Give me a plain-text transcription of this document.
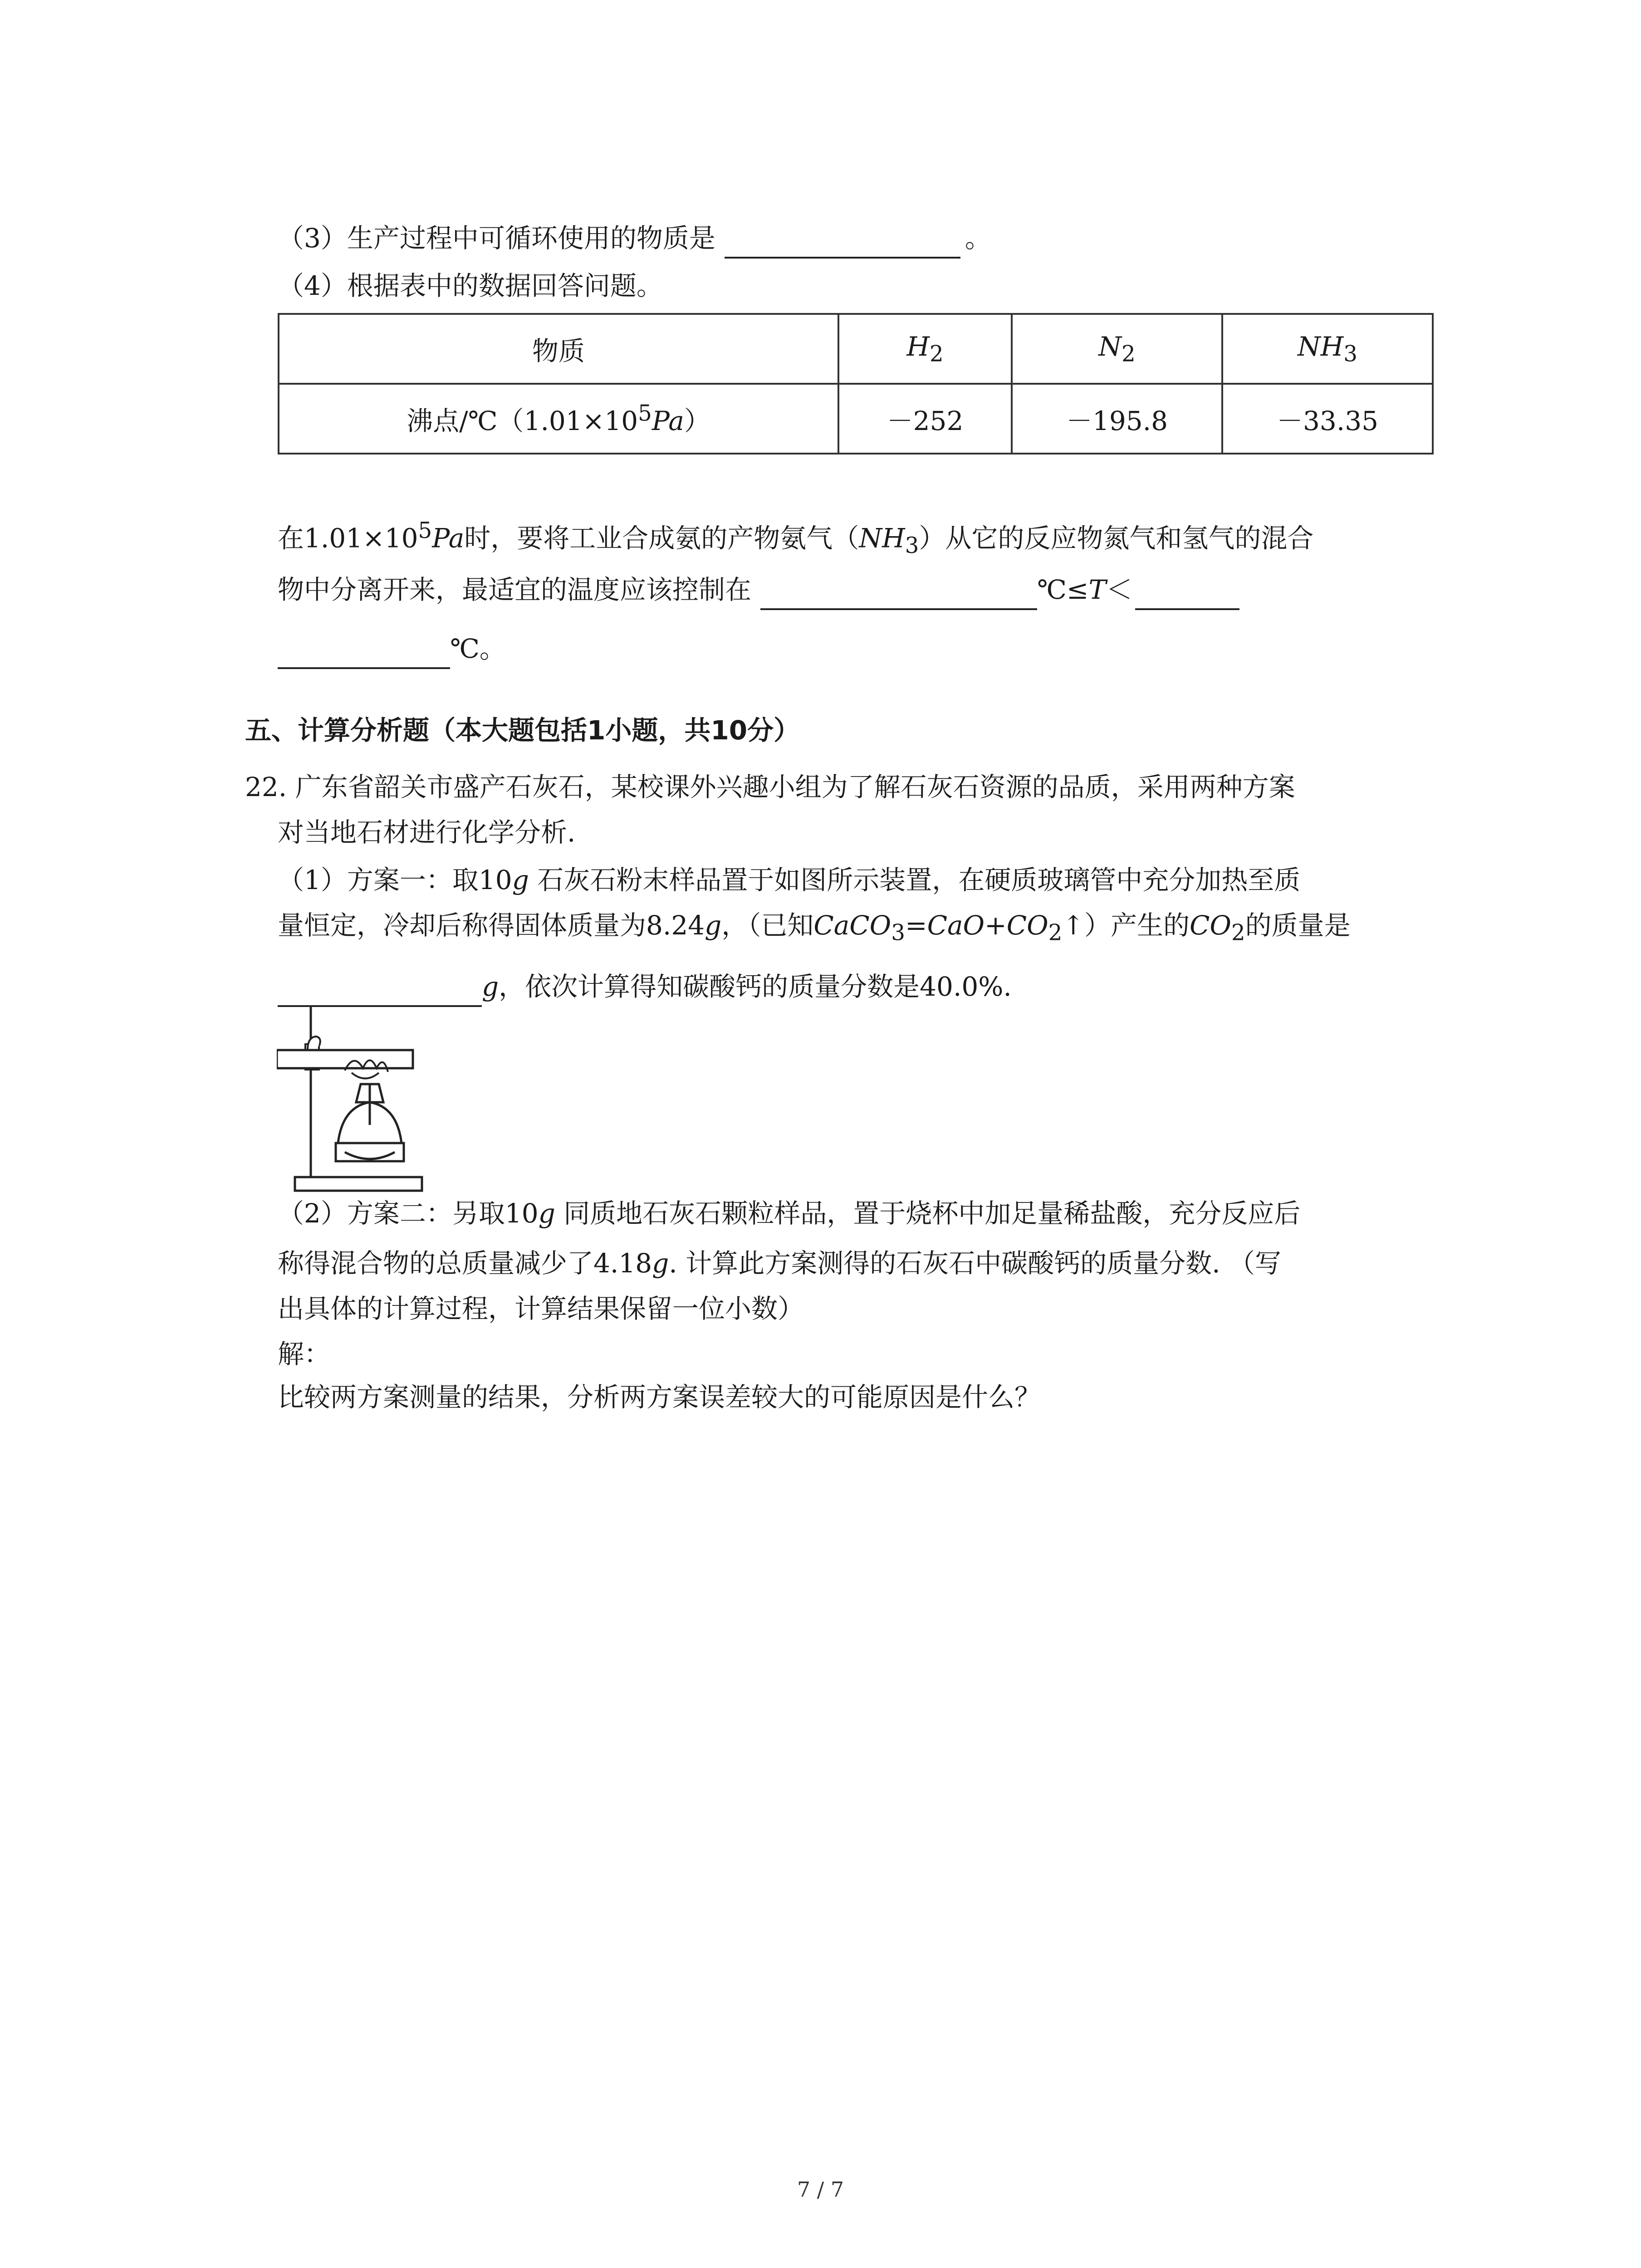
（3）生产过程中可循环使用的物质是	。
（4）根据表中的数据回答问题。
物质	$H_2$	$N_2$	$NH_3$
沸点$/℃(1.01\times 10^5Pa)$	－252	－195.8	－33.35
在$1.01\times 10^5Pa$时，要将工业合成氨的产物氨气$(NH_3)$从它的反应物氮气和氢气的混合
物中分离开来，最适宜的温度应该控制在	℃≤T＜
℃。
五、计算分析题（本大题包括1小题，共10分）
22. 广东省韶关市盛产石灰石，某校课外兴趣小组为了解石灰石资源的品质，采用两种方案
对当地石材进行化学分析.
（1）方案一：取10g 石灰石粉末样品置于如图所示装置，在硬质玻璃管中充分加热至质
量恒定，冷却后称得固体质量为8.24g，（已知$CaCO_3=CaO+CO_2↑$）产生的$CO_2$的质量是
g，依次计算得知碳酸钙的质量分数是40.0%.
（2）方案二：另取10g 同质地石灰石颗粒样品，置于烧杯中加足量稀盐酸，充分反应后
称得混合物的总质量减少了4.18g. 计算此方案测得的石灰石中碳酸钙的质量分数. （写
出具体的计算过程，计算结果保留一位小数）
解：
比较两方案测量的结果，分析两方案误差较大的可能原因是什么？
7 / 7
